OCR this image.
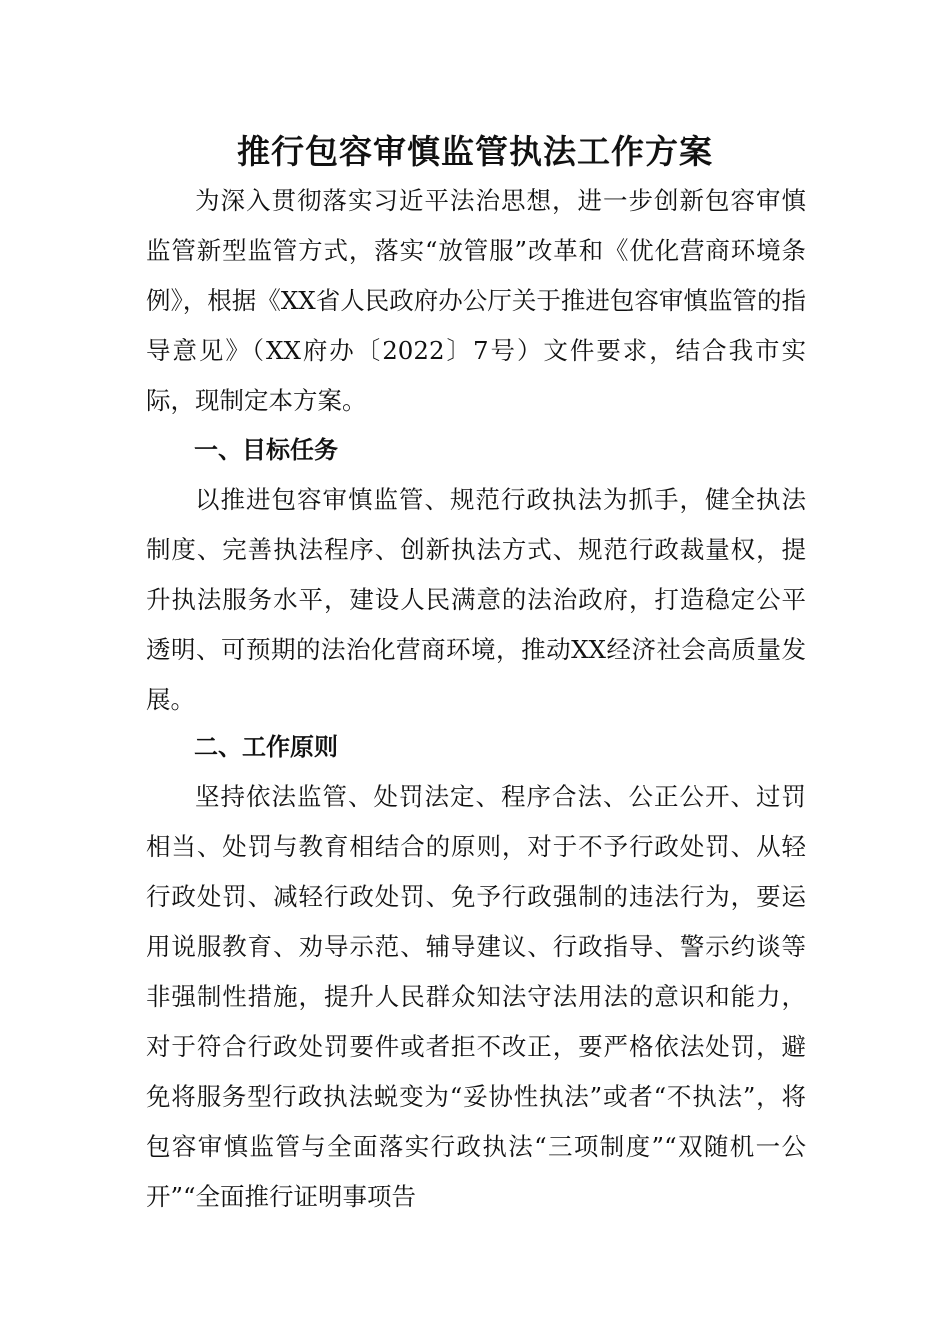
推行包容审慎监管执法工作方案

为深入贯彻落实习近平法治思想，进一步创新包容审慎监管新型监管方式，落实“放管服”改革和《优化营商环境条例》，根据《XX省人民政府办公厅关于推进包容审慎监管的指导意见》（XX府办〔2022〕7号）文件要求，结合我市实际，现制定本方案。

一、目标任务

以推进包容审慎监管、规范行政执法为抓手，健全执法制度、完善执法程序、创新执法方式、规范行政裁量权，提升执法服务水平，建设人民满意的法治政府，打造稳定公平透明、可预期的法治化营商环境，推动XX经济社会高质量发展。

二、工作原则

坚持依法监管、处罚法定、程序合法、公正公开、过罚相当、处罚与教育相结合的原则，对于不予行政处罚、从轻行政处罚、减轻行政处罚、免予行政强制的违法行为，要运用说服教育、劝导示范、辅导建议、行政指导、警示约谈等非强制性措施，提升人民群众知法守法用法的意识和能力，对于符合行政处罚要件或者拒不改正，要严格依法处罚，避免将服务型行政执法蜕变为“妥协性执法”或者“不执法”，将包容审慎监管与全面落实行政执法“三项制度”“双随机一公开”“全面推行证明事项告
